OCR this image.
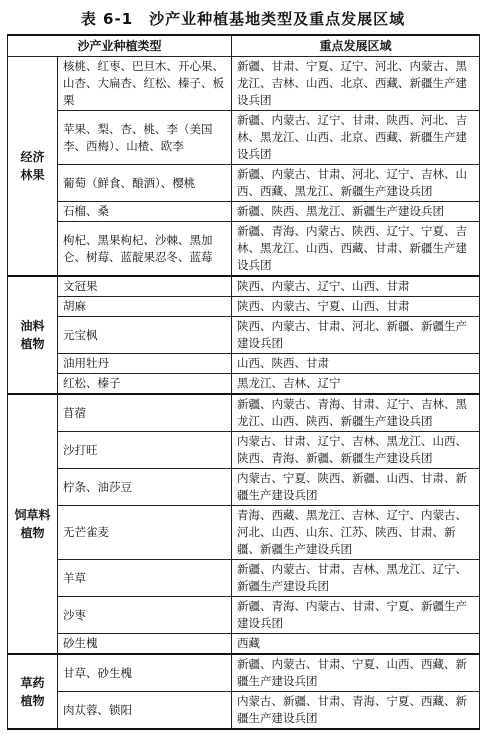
表 6-1　沙产业种植基地类型及重点发展区域
沙产业种植类型		重点发展区域
经济
林果	核桃、红枣、巴旦木、开心果、山杏、大扁杏、红松、榛子、板栗	新疆、甘肃、宁夏、辽宁、河北、内蒙古、黑龙江、吉林、山西、北京、西藏、新疆生产建设兵团
	苹果、梨、杏、桃、李（美国李、西梅）、山楂、欧李	新疆、内蒙古、辽宁、甘肃、陕西、河北、吉林、黑龙江、山西、北京、西藏、新疆生产建设兵团
	葡萄（鲜食、酿酒）、樱桃	新疆、内蒙古、甘肃、河北、辽宁、吉林、山西、西藏、黑龙江、新疆生产建设兵团
	石榴、桑	新疆、陕西、黑龙江、新疆生产建设兵团
	枸杞、黑果枸杞、沙棘、黑加仑、树莓、蓝靛果忍冬、蓝莓	新疆、青海、内蒙古、陕西、辽宁、宁夏、吉林、黑龙江、山西、西藏、甘肃、新疆生产建设兵团
油料
植物	文冠果	陕西、内蒙古、辽宁、山西、甘肃
	胡麻	陕西、内蒙古、宁夏、山西、甘肃
	元宝枫	陕西、内蒙古、甘肃、河北、新疆、新疆生产建设兵团
	油用牡丹	山西、陕西、甘肃
	红松、榛子	黑龙江、吉林、辽宁
饲草料
植物	苜蓿	新疆、内蒙古、青海、甘肃、辽宁、吉林、黑龙江、山西、陕西、新疆生产建设兵团
	沙打旺	内蒙古、甘肃、辽宁、吉林、黑龙江、山西、陕西、青海、新疆、新疆生产建设兵团
	柠条、油莎豆	内蒙古、宁夏、陕西、新疆、山西、甘肃、新疆生产建设兵团
	无芒雀麦	青海、西藏、黑龙江、吉林、辽宁、内蒙古、河北、山西、山东、江苏、陕西、甘肃、新疆、新疆生产建设兵团
	羊草	新疆、内蒙古、甘肃、吉林、黑龙江、辽宁、新疆生产建设兵团
	沙枣	新疆、青海、内蒙古、甘肃、宁夏、新疆生产建设兵团
	砂生槐	西藏
草药
植物	甘草、砂生槐	新疆、内蒙古、甘肃、宁夏、山西、西藏、新疆生产建设兵团
	肉苁蓉、锁阳	内蒙古、新疆、甘肃、青海、宁夏、西藏、新疆生产建设兵团
